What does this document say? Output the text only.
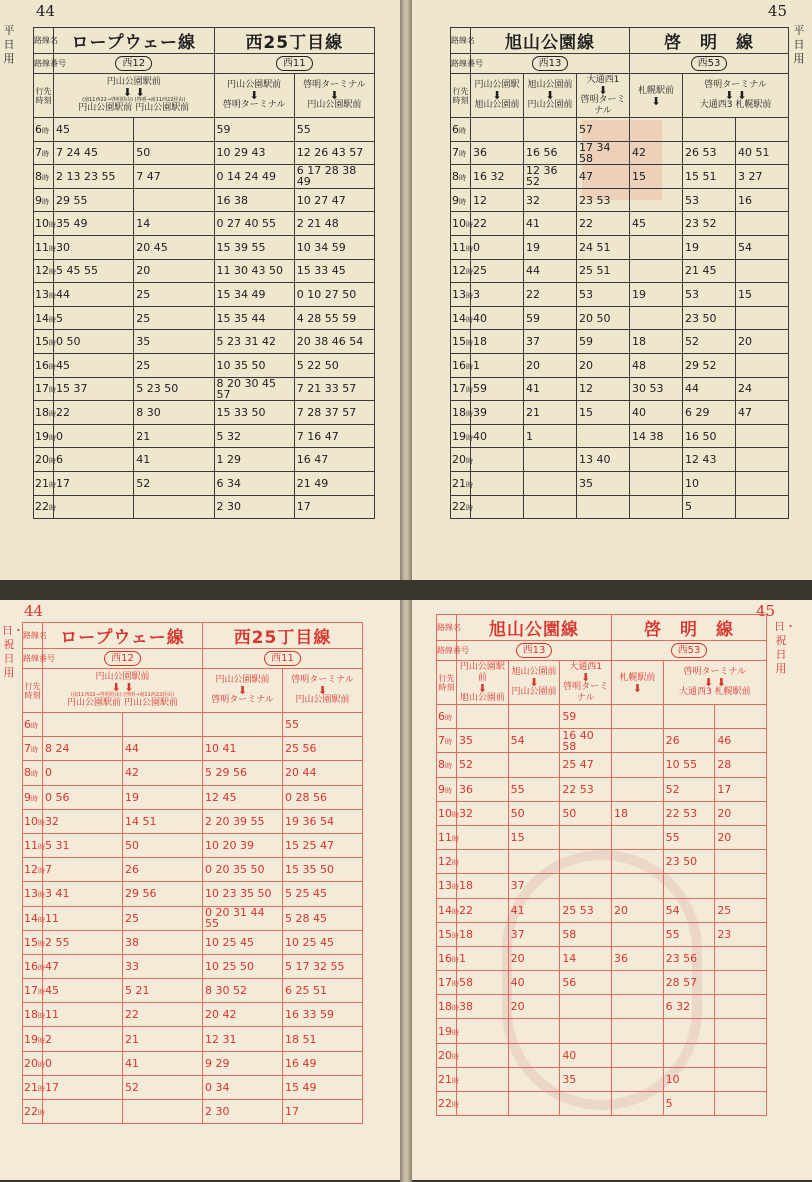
44
平日用
路線名	ロープウェー線		西25丁目線	
路線番号	西12		西11	
行先
時刻	円山公園駅前
⬇ ⬇
(南11西22→啓明経由) (啓明→南11西22経由)
円山公園駅前 円山公園駅前		円山公園駅前
⬇
啓明ターミナル	啓明ターミナル
⬇
円山公園駅前
6時	45		59	55
7時	7 24 45	50	10 29 43	12 26 43 57
8時	2 13 23 55	7 47	0 14 24 49	6 17 28 38 49
9時	29 55		16 38	10 27 47
10時	35 49	14	0 27 40 55	2 21 48
11時	30	20 45	15 39 55	10 34 59
12時	5 45 55	20	11 30 43 50	15 33 45
13時	44	25	15 34 49	0 10 27 50
14時	5	25	15 35 44	4 28 55 59
15時	0 50	35	5 23 31 42	20 38 46 54
16時	45	25	10 35 50	5 22 50
17時	15 37	5 23 50	8 20 30 45 57	7 21 33 57
18時	22	8 30	15 33 50	7 28 37 57
19時	0	21	5 32	7 16 47
20時	6	41	1 29	16 47
21時	17	52	6 34	21 49
22時			2 30	17
45
平日用
路線名	旭山公園線			啓　明　線		
路線番号	西13			西53		
行先
時刻	円山公園駅
⬇
旭山公園前	旭山公園前
⬇
円山公園前	大通西1
⬇
啓明ターミナル	札幌駅前
⬇	啓明ターミナル
⬇ ⬇
大通西3 札幌駅前	
6時			57			
7時	36	16 56	17 34 58	42	26 53	40 51
8時	16 32	12 36 52	47	15	15 51	3 27
9時	12	32	23 53		53	16
10時	22	41	22	45	23 52	
11時	0	19	24 51		19	54
12時	25	44	25 51		21 45	
13時	3	22	53	19	53	15
14時	40	59	20 50		23 50	
15時	18	37	59	18	52	20
16時	1	20	20	48	29 52	
17時	59	41	12	30 53	44	24
18時	39	21	15	40	6 29	47
19時	40	1		14 38	16 50	
20時			13 40		12 43	
21時			35		10	
22時					5	
44
日・祝日用
路線名	ロープウェー線		西25丁目線	
路線番号	西12		西11	
行先
時刻	円山公園駅前
⬇ ⬇
(南11西22→啓明経由) (啓明→南11西22経由)
円山公園駅前 円山公園駅前		円山公園駅前
⬇
啓明ターミナル	啓明ターミナル
⬇
円山公園駅前
6時				55
7時	8 24	44	10 41	25 56
8時	0	42	5 29 56	20 44
9時	0 56	19	12 45	0 28 56
10時	32	14 51	2 20 39 55	19 36 54
11時	5 31	50	10 20 39	15 25 47
12時	7	26	0 20 35 50	15 35 50
13時	3 41	29 56	10 23 35 50	5 25 45
14時	11	25	0 20 31 44 55	5 28 45
15時	2 55	38	10 25 45	10 25 45
16時	47	33	10 25 50	5 17 32 55
17時	45	5 21	8 30 52	6 25 51
18時	11	22	20 42	16 33 59
19時	2	21	12 31	18 51
20時	0	41	9 29	16 49
21時	17	52	0 34	15 49
22時			2 30	17
45
日・祝日用
路線名	旭山公園線			啓　明　線		
路線番号	西13			西53		
行先
時刻	円山公園駅前
⬇
旭山公園前	旭山公園前
⬇
円山公園前	大通西1
⬇
啓明ターミナル	札幌駅前
⬇	啓明ターミナル
⬇ ⬇
大通西3 札幌駅前	
6時			59			
7時	35	54	16 40 58		26	46
8時	52		25 47		10 55	28
9時	36	55	22 53		52	17
10時	32	50	50	18	22 53	20
11時		15			55	20
12時					23 50	
13時	18	37				
14時	22	41	25 53	20	54	25
15時	18	37	58		55	23
16時	1	20	14	36	23 56	
17時	58	40	56		28 57	
18時	38	20			6 32	
19時						
20時			40			
21時			35		10	
22時					5	
